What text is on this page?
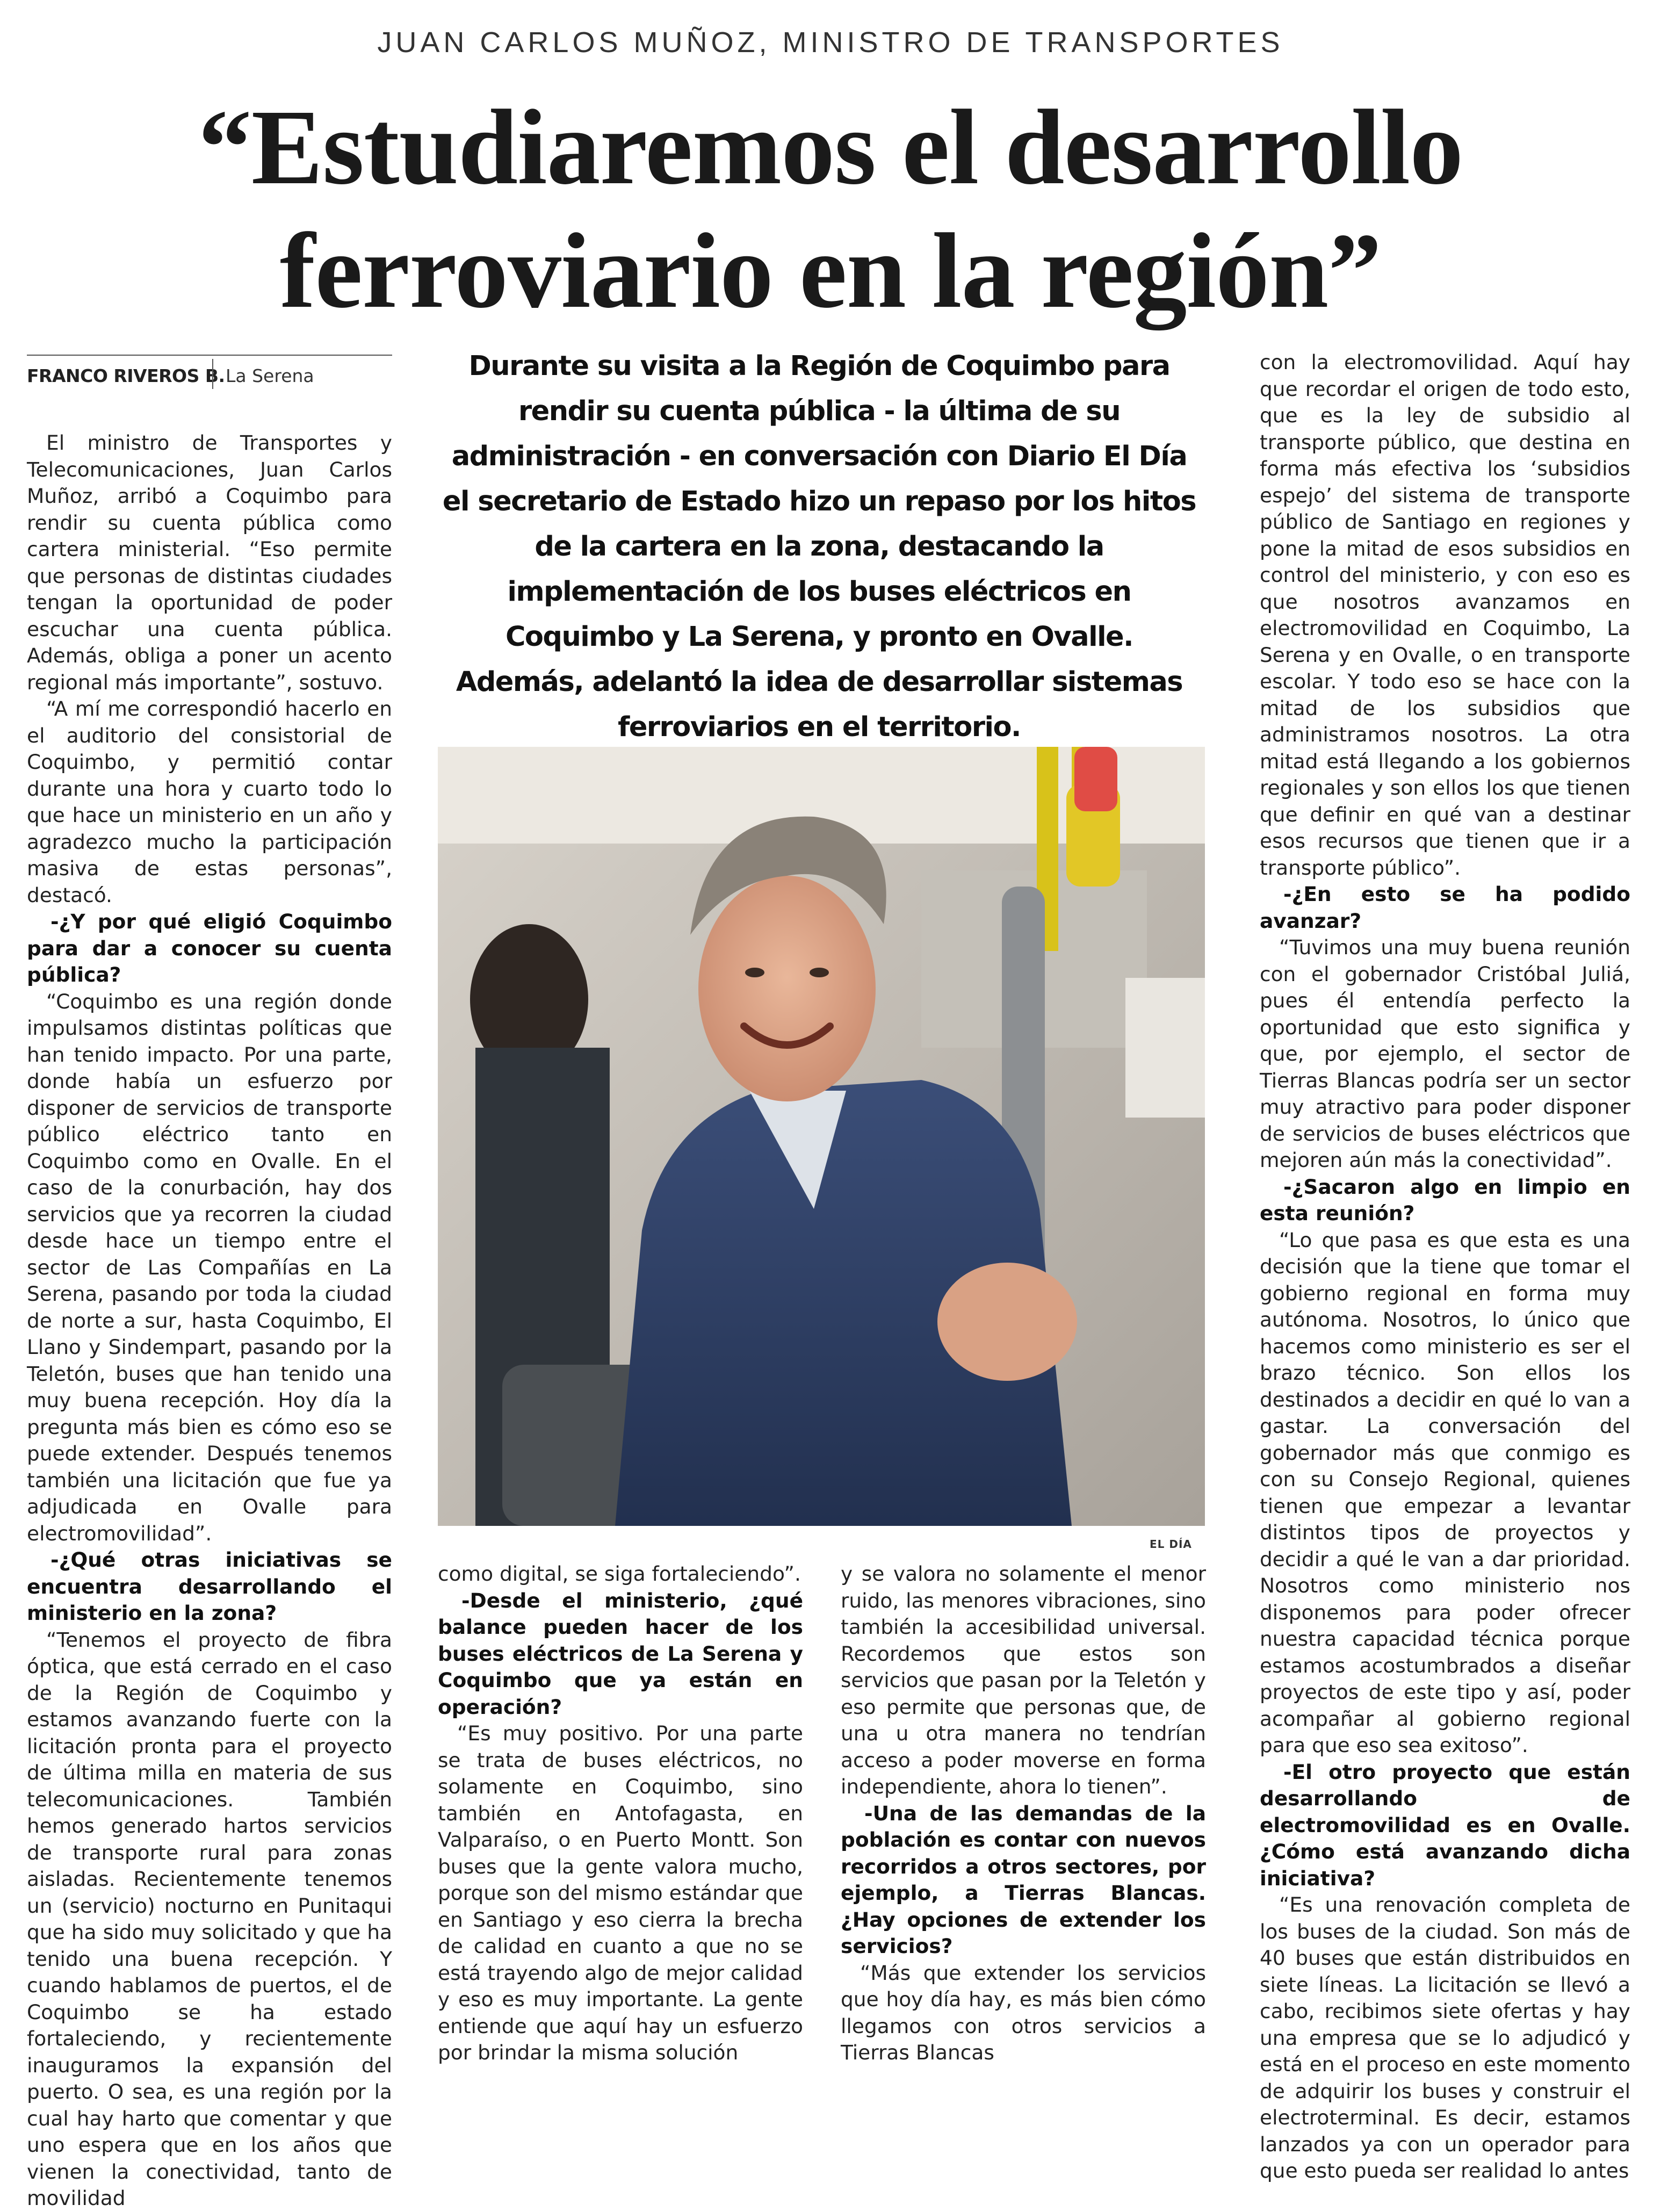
JUAN CARLOS MUÑOZ, MINISTRO DE TRANSPORTES
“Estudiaremos el desarrollo
ferroviario en la región”
FRANCO RIVEROS B. La Serena	Durante su visita a la Región de Coquimbo para rendir su cuenta pública - la última de su administración - en conversación con Diario El Día el secretario de Estado hizo un repaso por los hitos de la cartera en la zona, destacando la implementación de los buses eléctricos en Coquimbo y La Serena, y pronto en Ovalle. Además, adelantó la idea de desarrollar sistemas ferroviarios en el territorio.

El ministro de Transportes y Telecomunicaciones, Juan Carlos Muñoz, arribó a Coquimbo para rendir su cuenta pública como cartera ministerial. “Eso permite que personas de distintas ciudades tengan la oportunidad de poder escuchar una cuenta pública. Además, obliga a poner un acento regional más importante”, sostuvo.

“A mí me correspondió hacerlo en el auditorio del consistorial de Coquimbo, y permitió contar durante una hora y cuarto todo lo que hace un ministerio en un año y agradezco mucho la participación masiva de estas personas”, destacó.

-¿Y por qué eligió Coquimbo para dar a conocer su cuenta pública?

“Coquimbo es una región donde impulsamos distintas políticas que han tenido impacto. Por una parte, donde había un esfuerzo por disponer de servicios de transporte público eléctrico tanto en Coquimbo como en Ovalle. En el caso de la conurbación, hay dos servicios que ya recorren la ciudad desde hace un tiempo entre el sector de Las Compañías en La Serena, pasando por toda la ciudad de norte a sur, hasta Coquimbo, El Llano y Sindempart, pasando por la Teletón, buses que han tenido una muy buena recepción. Hoy día la pregunta más bien es cómo eso se puede extender. Después tenemos también una licitación que fue ya adjudicada en Ovalle para electromovilidad”.

-¿Qué otras iniciativas se encuentra desarrollando el ministerio en la zona?

“Tenemos el proyecto de fibra óptica, que está cerrado en el caso de la Región de Coquimbo y estamos avanzando fuerte con la licitación pronta para el proyecto de última milla en materia de sus telecomunicaciones. También hemos generado hartos servicios de transporte rural para zonas aisladas. Recientemente tenemos un (servicio) nocturno en Punitaqui que ha sido muy solicitado y que ha tenido una buena recepción. Y cuando hablamos de puertos, el de Coquimbo se ha estado fortaleciendo, y recientemente inauguramos la expansión del puerto. O sea, es una región por la cual hay harto que comentar y que uno espera que en los años que vienen la conectividad, tanto de movilidad

EL DÍA

como digital, se siga fortaleciendo”.

-Desde el ministerio, ¿qué balance pueden hacer de los buses eléctricos de La Serena y Coquimbo que ya están en operación?

“Es muy positivo. Por una parte se trata de buses eléctricos, no solamente en Coquimbo, sino también en Antofagasta, en Valparaíso, o en Puerto Montt. Son buses que la gente valora mucho, porque son del mismo estándar que en Santiago y eso cierra la brecha de calidad en cuanto a que no se está trayendo algo de mejor calidad y eso es muy importante. La gente entiende que aquí hay un esfuerzo por brindar la misma solución

y se valora no solamente el menor ruido, las menores vibraciones, sino también la accesibilidad universal. Recordemos que estos son servicios que pasan por la Teletón y eso permite que personas que, de una u otra manera no tendrían acceso a poder moverse en forma independiente, ahora lo tienen”.

-Una de las demandas de la población es contar con nuevos recorridos a otros sectores, por ejemplo, a Tierras Blancas. ¿Hay opciones de extender los servicios?

“Más que extender los servicios que hoy día hay, es más bien cómo llegamos con otros servicios a Tierras Blancas

con la electromovilidad. Aquí hay que recordar el origen de todo esto, que es la ley de subsidio al transporte público, que destina en forma más efectiva los ‘subsidios espejo’ del sistema de transporte público de Santiago en regiones y pone la mitad de esos subsidios en control del ministerio, y con eso es que nosotros avanzamos en electromovilidad en Coquimbo, La Serena y en Ovalle, o en transporte escolar. Y todo eso se hace con la mitad de los subsidios que administramos nosotros. La otra mitad está llegando a los gobiernos regionales y son ellos los que tienen que definir en qué van a destinar esos recursos que tienen que ir a transporte público”.

-¿En esto se ha podido avanzar?

“Tuvimos una muy buena reunión con el gobernador Cristóbal Juliá, pues él entendía perfecto la oportunidad que esto significa y que, por ejemplo, el sector de Tierras Blancas podría ser un sector muy atractivo para poder disponer de servicios de buses eléctricos que mejoren aún más la conectividad”.

-¿Sacaron algo en limpio en esta reunión?

“Lo que pasa es que esta es una decisión que la tiene que tomar el gobierno regional en forma muy autónoma. Nosotros, lo único que hacemos como ministerio es ser el brazo técnico. Son ellos los destinados a decidir en qué lo van a gastar. La conversación del gobernador más que conmigo es con su Consejo Regional, quienes tienen que empezar a levantar distintos tipos de proyectos y decidir a qué le van a dar prioridad. Nosotros como ministerio nos disponemos para poder ofrecer nuestra capacidad técnica porque estamos acostumbrados a diseñar proyectos de este tipo y así, poder acompañar al gobierno regional para que eso sea exitoso”.

-El otro proyecto que están desarrollando de electromovilidad es en Ovalle. ¿Cómo está avanzando dicha iniciativa?

“Es una renovación completa de los buses de la ciudad. Son más de 40 buses que están distribuidos en siete líneas. La licitación se llevó a cabo, recibimos siete ofertas y hay una empresa que se lo adjudicó y está en el proceso en este momento de adquirir los buses y construir el electroterminal. Es decir, estamos lanzados ya con un operador para que esto pueda ser realidad lo antes
